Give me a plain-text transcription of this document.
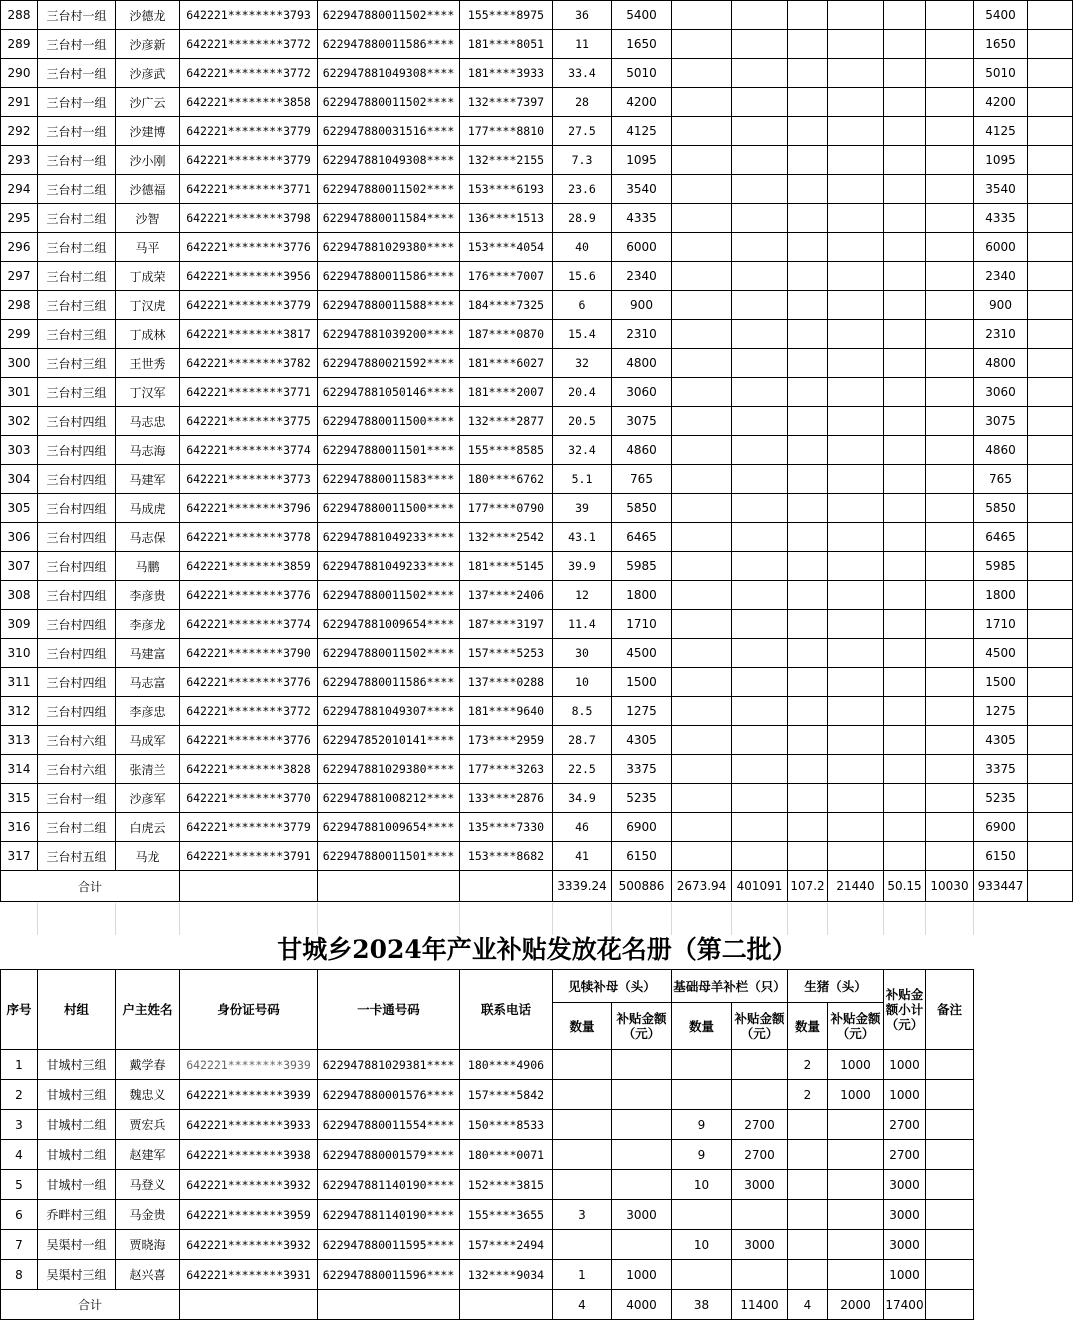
288	三台村一组	沙德龙	642221********3793	622947880011502****	155****8975	36	5400							5400	
289	三台村一组	沙彦新	642221********3772	622947880011586****	181****8051	11	1650							1650	
290	三台村一组	沙彦武	642221********3772	622947881049308****	181****3933	33.4	5010							5010	
291	三台村一组	沙广云	642221********3858	622947880011502****	132****7397	28	4200							4200	
292	三台村一组	沙建博	642221********3779	622947880031516****	177****8810	27.5	4125							4125	
293	三台村一组	沙小刚	642221********3779	622947881049308****	132****2155	7.3	1095							1095	
294	三台村二组	沙德福	642221********3771	622947880011502****	153****6193	23.6	3540							3540	
295	三台村二组	沙智	642221********3798	622947880011584****	136****1513	28.9	4335							4335	
296	三台村二组	马平	642221********3776	622947881029380****	153****4054	40	6000							6000	
297	三台村二组	丁成荣	642221********3956	622947880011586****	176****7007	15.6	2340							2340	
298	三台村三组	丁汉虎	642221********3779	622947880011588****	184****7325	6	900							900	
299	三台村三组	丁成林	642221********3817	622947881039200****	187****0870	15.4	2310							2310	
300	三台村三组	王世秀	642221********3782	622947880021592****	181****6027	32	4800							4800	
301	三台村三组	丁汉军	642221********3771	622947881050146****	181****2007	20.4	3060							3060	
302	三台村四组	马志忠	642221********3775	622947880011500****	132****2877	20.5	3075							3075	
303	三台村四组	马志海	642221********3774	622947880011501****	155****8585	32.4	4860							4860	
304	三台村四组	马建军	642221********3773	622947880011583****	180****6762	5.1	765							765	
305	三台村四组	马成虎	642221********3796	622947880011500****	177****0790	39	5850							5850	
306	三台村四组	马志保	642221********3778	622947881049233****	132****2542	43.1	6465							6465	
307	三台村四组	马鹏	642221********3859	622947881049233****	181****5145	39.9	5985							5985	
308	三台村四组	李彦贵	642221********3776	622947880011502****	137****2406	12	1800							1800	
309	三台村四组	李彦龙	642221********3774	622947881009654****	187****3197	11.4	1710							1710	
310	三台村四组	马建富	642221********3790	622947880011502****	157****5253	30	4500							4500	
311	三台村四组	马志富	642221********3776	622947880011586****	137****0288	10	1500							1500	
312	三台村四组	李彦忠	642221********3772	622947881049307****	181****9640	8.5	1275							1275	
313	三台村六组	马成军	642221********3776	622947852010141****	173****2959	28.7	4305							4305	
314	三台村六组	张清兰	642221********3828	622947881029380****	177****3263	22.5	3375							3375	
315	三台村一组	沙彦军	642221********3770	622947881008212****	133****2876	34.9	5235							5235	
316	三台村二组	白虎云	642221********3779	622947881009654****	135****7330	46	6900							6900	
317	三台村五组	马龙	642221********3791	622947880011501****	153****8682	41	6150							6150	
合计						3339.24	500886	2673.94	401091	107.2	21440	50.15	10030	933447	
甘城乡2024年产业补贴发放花名册（第二批）
序号	村组	户主姓名	身份证号码	一卡通号码	联系电话	见犊补母（头）		基础母羊补栏（只）		生猪（头）		补贴金额小计（元）	备注
						数量	补贴金额（元）	数量	补贴金额（元）	数量	补贴金额（元）		
1	甘城村三组	戴学春	642221********3939	622947881029381****	180****4906					2	1000	1000	
2	甘城村三组	魏忠义	642221********3939	622947880001576****	157****5842					2	1000	1000	
3	甘城村二组	贾宏兵	642221********3933	622947880011554****	150****8533			9	2700			2700	
4	甘城村二组	赵建军	642221********3938	622947880001579****	180****0071			9	2700			2700	
5	甘城村一组	马登义	642221********3932	622947881140190****	152****3815			10	3000			3000	
6	乔畔村三组	马金贵	642221********3959	622947881140190****	155****3655	3	3000					3000	
7	吴渠村一组	贾晓海	642221********3932	622947880011595****	157****2494			10	3000			3000	
8	吴渠村三组	赵兴喜	642221********3931	622947880011596****	132****9034	1	1000					1000	
合计						4	4000	38	11400	4	2000	17400	
